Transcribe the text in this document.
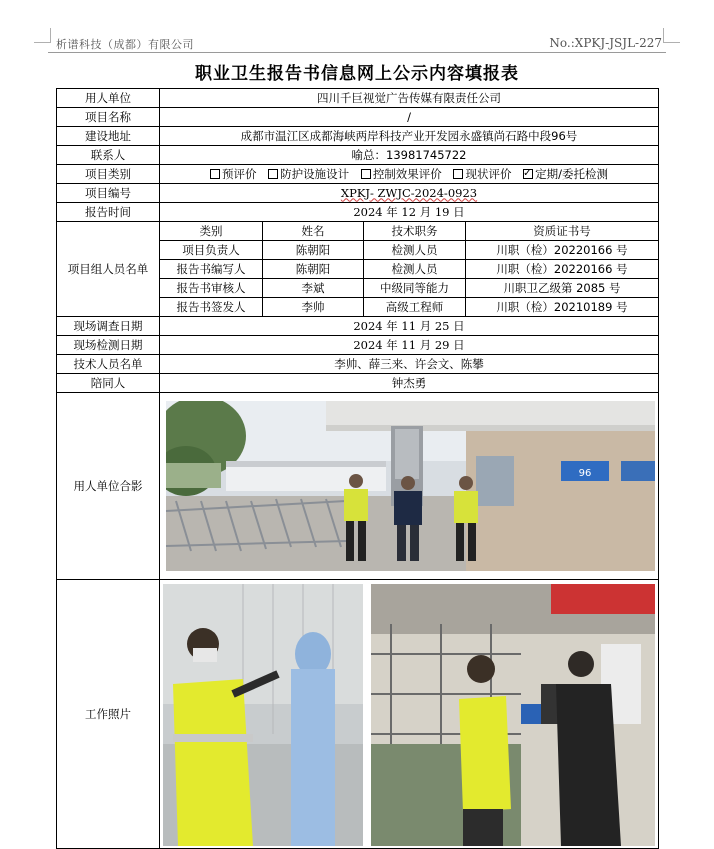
析谱科技（成都）有限公司	No.:XPKJ-JSJL-227
职业卫生报告书信息网上公示内容填报表
用人单位	四川千巨视觉广告传媒有限责任公司			
项目名称	/			
建设地址	成都市温江区成都海峡两岸科技产业开发园永盛镇尚石路中段96号			
联系人	喻总：13981745722			
项目类别	预评价 防护设施设计 控制效果评价 现状评价 ✓ 定期/委托检测
项目编号	XPKJ- ZWJC-2024-0923			
报告时间	2024 年 12 月 19 日			
项目组人员名单	类别	姓名	技术职务	资质证书号
	项目负责人	陈朝阳	检测人员	川职（检）20220166 号
	报告书编写人	陈朝阳	检测人员	川职（检）20220166 号
	报告书审核人	李斌	中级同等能力	川职卫乙级第 2085 号
	报告书签发人	李帅	高级工程师	川职（检）20210189 号
现场调查日期	2024 年 11 月 25 日			
现场检测日期	2024 年 11 月 29 日			
技术人员名单	李帅、薛三来、许会文、陈攀			
陪同人	钟杰勇			
用人单位合影	96			

工作照片	
